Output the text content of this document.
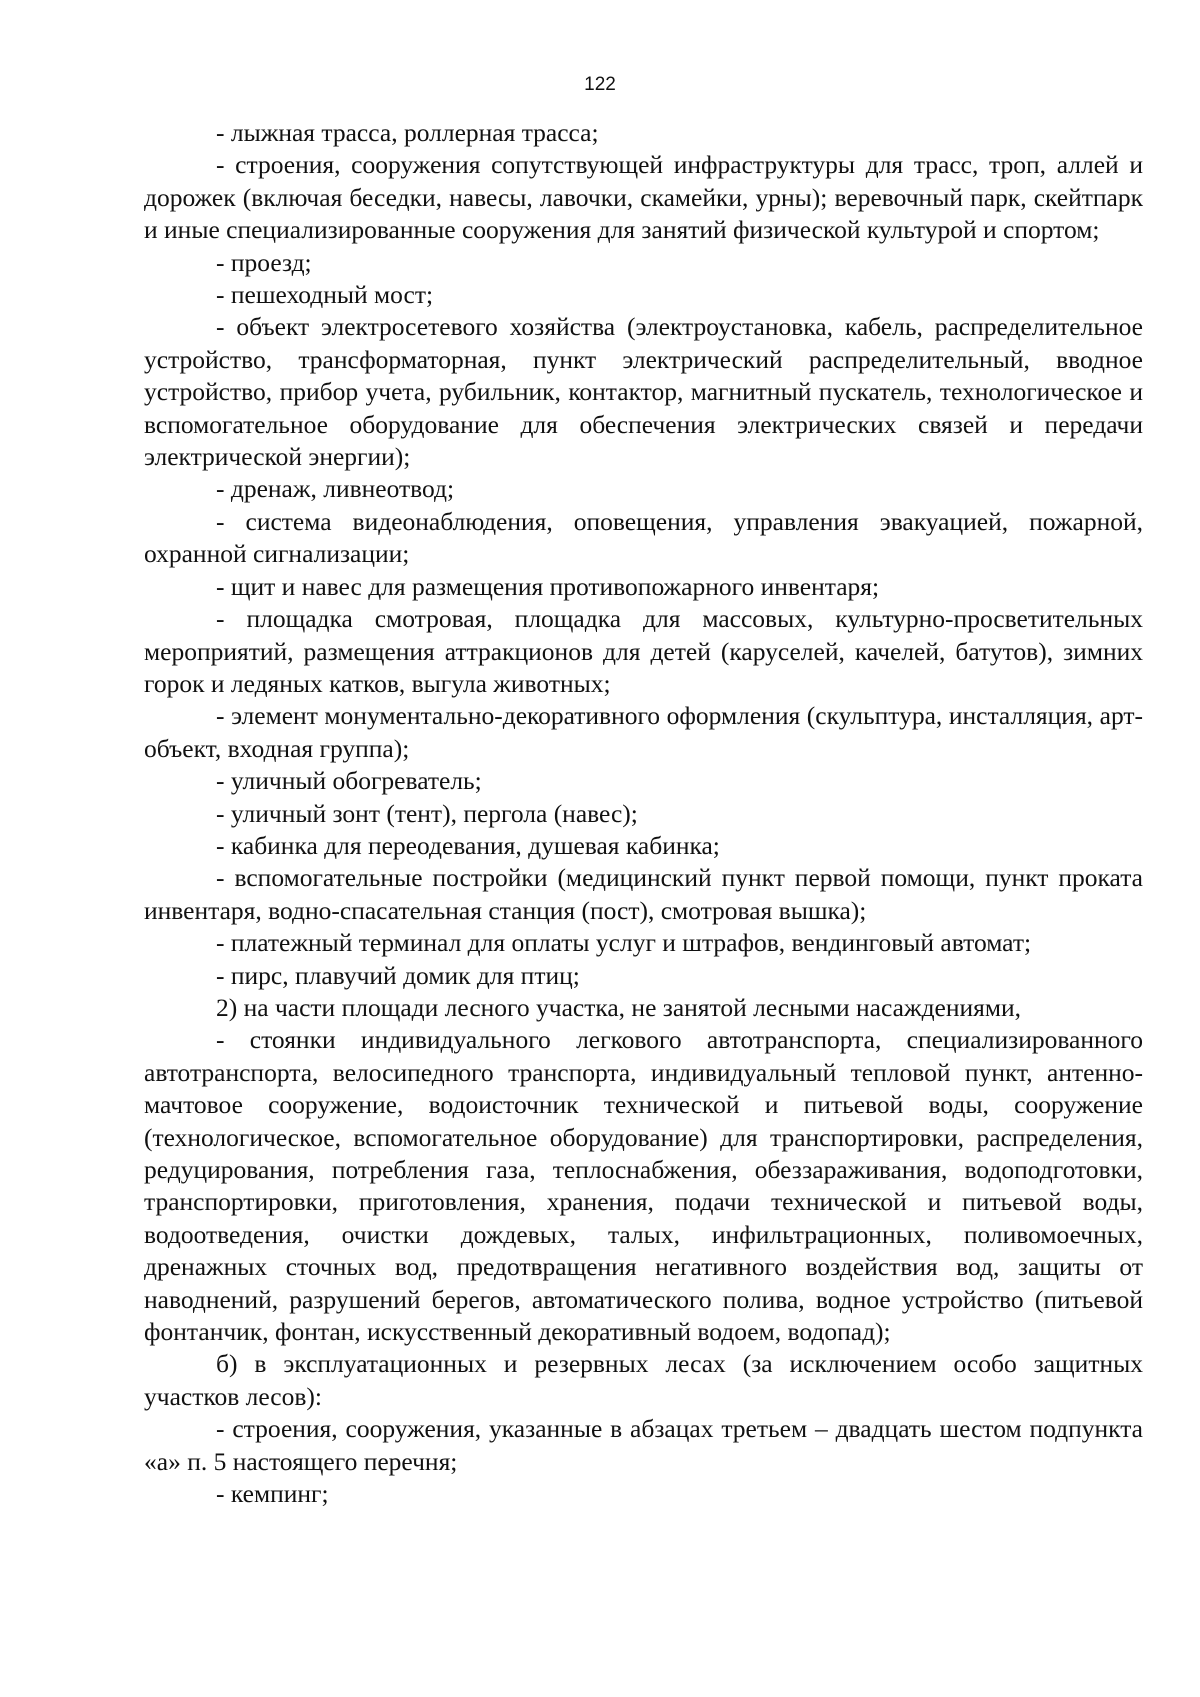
122

- лыжная трасса, роллерная трасса;

- строения, сооружения сопутствующей инфраструктуры для трасс, троп, аллей и дорожек (включая беседки, навесы, лавочки, скамейки, урны); веревочный парк, скейтпарк и иные специализированные сооружения для занятий физической культурой и спортом;

- проезд;

- пешеходный мост;

- объект электросетевого хозяйства (электроустановка, кабель, распределительное устройство, трансформаторная, пункт электрический распределительный, вводное устройство, прибор учета, рубильник, контактор, магнитный пускатель, технологическое и вспомогательное оборудование для обеспечения электрических связей и передачи электрической энергии);

- дренаж, ливнеотвод;

- система видеонаблюдения, оповещения, управления эвакуацией, пожарной, охранной сигнализации;

- щит и навес для размещения противопожарного инвентаря;

- площадка смотровая, площадка для массовых, культурно-просветительных мероприятий, размещения аттракционов для детей (каруселей, качелей, батутов), зимних горок и ледяных катков, выгула животных;

- элемент монументально-декоративного оформления (скульптура, инсталляция, арт-объект, входная группа);

- уличный обогреватель;

- уличный зонт (тент), пергола (навес);

- кабинка для переодевания, душевая кабинка;

- вспомогательные постройки (медицинский пункт первой помощи, пункт проката инвентаря, водно-спасательная станция (пост), смотровая вышка);

- платежный терминал для оплаты услуг и штрафов, вендинговый автомат;

- пирс, плавучий домик для птиц;

2) на части площади лесного участка, не занятой лесными насаждениями,

- стоянки индивидуального легкового автотранспорта, специализированного автотранспорта, велосипедного транспорта, индивидуальный тепловой пункт, антенно-мачтовое сооружение, водоисточник технической и питьевой воды, сооружение (технологическое, вспомогательное оборудование) для транспортировки, распределения, редуцирования, потребления газа, теплоснабжения, обеззараживания, водоподготовки, транспортировки, приготовления, хранения, подачи технической и питьевой воды, водоотведения, очистки дождевых, талых, инфильтрационных, поливомоечных, дренажных сточных вод, предотвращения негативного воздействия вод, защиты от наводнений, разрушений берегов, автоматического полива, водное устройство (питьевой фонтанчик, фонтан, искусственный декоративный водоем, водопад);

б) в эксплуатационных и резервных лесах (за исключением особо защитных участков лесов):

- строения, сооружения, указанные в абзацах третьем – двадцать шестом подпункта «а» п. 5 настоящего перечня;

- кемпинг;
